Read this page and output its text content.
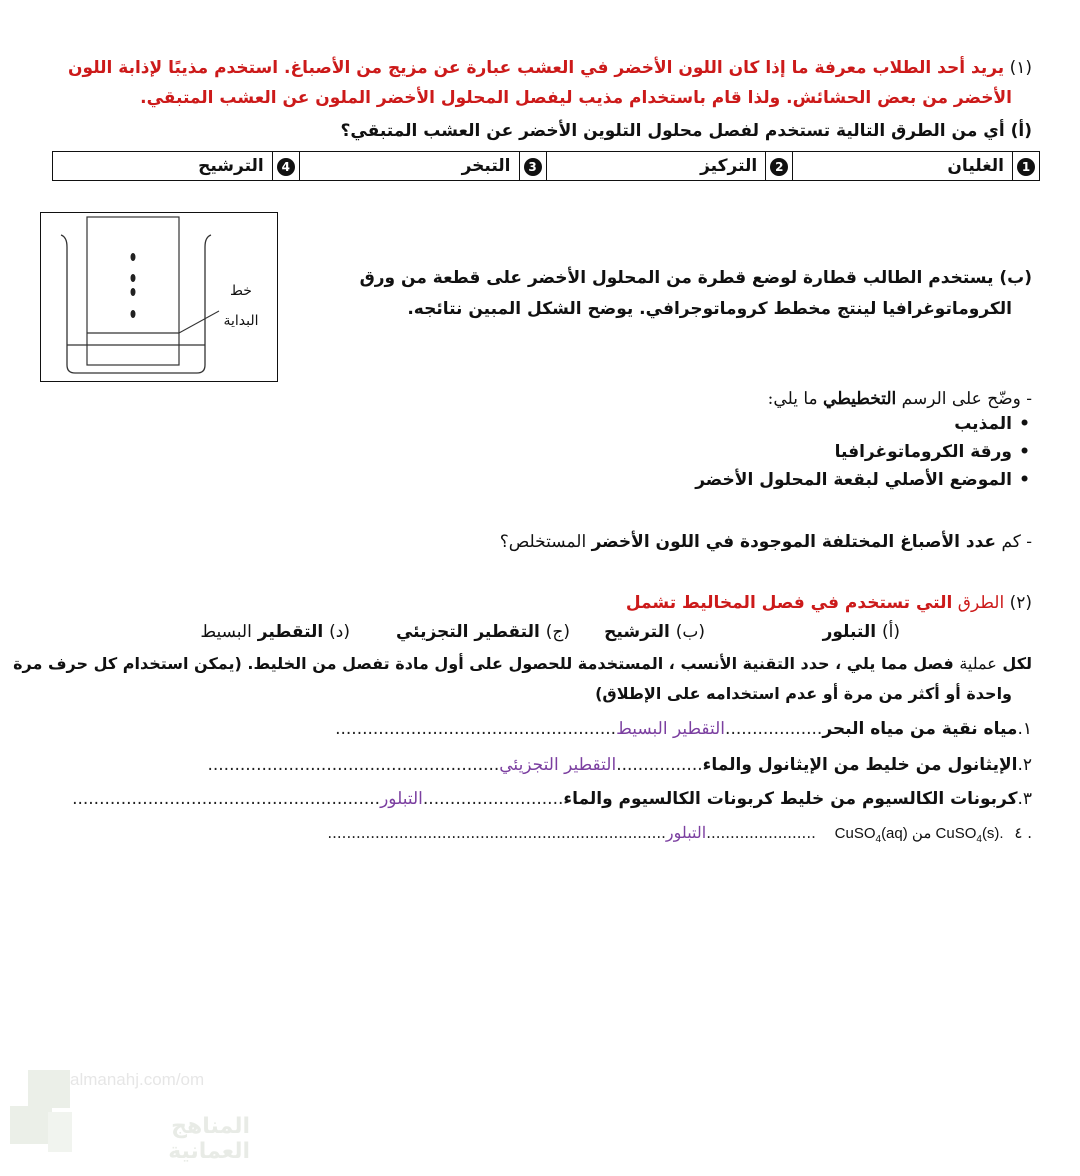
(١) يريد أحد الطلاب معرفة ما إذا كان اللون الأخضر في العشب عبارة عن مزيج من الأصباغ. استخدم مذيبًا لإذابة اللون
الأخضر من بعض الحشائش. ولذا قام باستخدام مذيب ليفصل المحلول الأخضر الملون عن العشب المتبقي.
(أ) أي من الطرق التالية تستخدم لفصل محلول التلوين الأخضر عن العشب المتبقي؟
1	الغليان	2	التركيز	3	التبخر	4	الترشيح
خط
البداية
(ب) يستخدم الطالب قطارة لوضع قطرة من المحلول الأخضر على قطعة من ورق
الكروماتوغرافيا لينتج مخطط كروماتوجرافي. يوضح الشكل المبين نتائجه.
- وضّح على الرسم التخطيطي ما يلي:
• المذيب
• ورقة الكروماتوغرافيا
• الموضع الأصلي لبقعة المحلول الأخضر
- كم عدد الأصباغ المختلفة الموجودة في اللون الأخضر المستخلص؟
(٢) الطرق التي تستخدم في فصل المخاليط تشمل
(أ) التبلور
(ب) الترشيح
(ج) التقطير التجزيئي
(د) التقطير البسيط
لكل عملية فصل مما يلي ، حدد التقنية الأنسب ، المستخدمة للحصول على أول مادة تفصل من الخليط. (يمكن استخدام كل حرف مرة
واحدة أو أكثر من مرة أو عدم استخدامه على الإطلاق)
١.مياه نقية من مياه البحر..................التقطير البسيط....................................................
٢.الإيثانول من خليط من الإيثانول والماء................التقطير التجزيئي......................................................
٣.كربونات الكالسيوم من خليط كربونات الكالسيوم والماء..........................التبلور.........................................................
. ٤ CuSO$_4$(aq) من CuSO$_4$(s). .......................التبلور.......................................................................
almanahj.com/om
المناهج العمانية
